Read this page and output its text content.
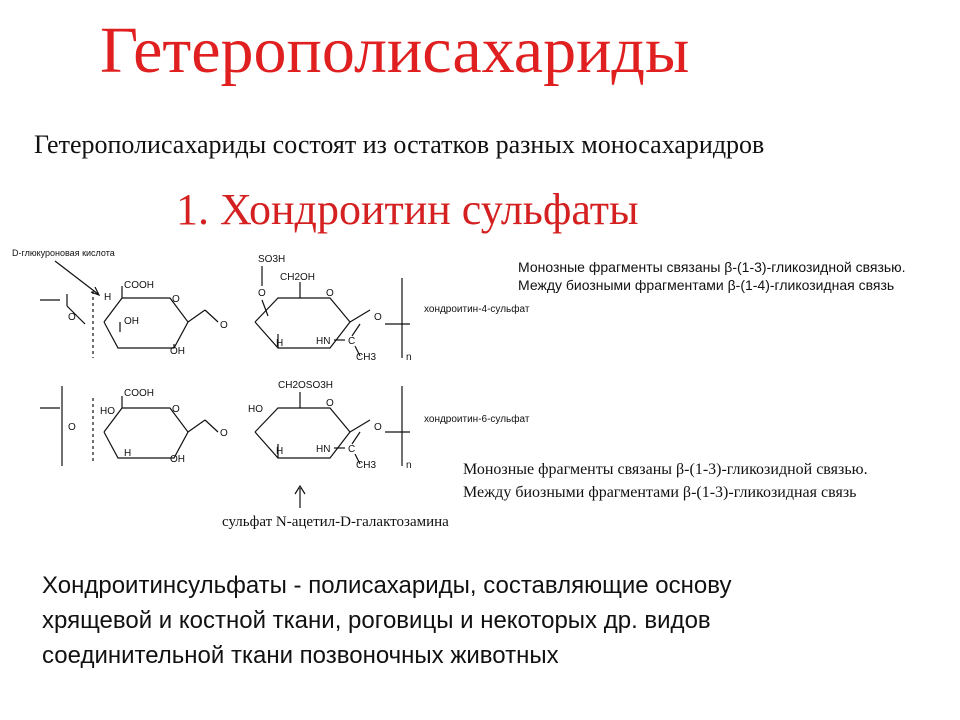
Гетерополисахариды
Гетерополисахариды состоят из остатков разных моносахаридров
1. Хондроитин сульфаты
Монозные фрагменты связаны β-(1-3)-гликозидной связью.
Между биозными фрагментами β-(1-4)-гликозидная связь
Монозные фрагменты связаны β-(1-3)-гликозидной связью.
Между биозными фрагментами β-(1-3)-гликозидная связь
сульфат N-ацетил-D-галактозамина
Хондроитинсульфаты - полисахариды, составляющие основу
хрящевой и костной ткани, роговицы и некоторых др. видов
соединительной ткани позвоночных животных
D-глюкуроновая кислота
O
O
COOH
H
OH
OH
O
SO3H
O	O
CH2OH
H	HN C
CH3
O
n
хондроитин-4-сульфат
O
O
COOH
HO
H
OH
O
HO
O
CH2OSO3H
H	HN C
CH3
O
n
хондроитин-6-сульфат
